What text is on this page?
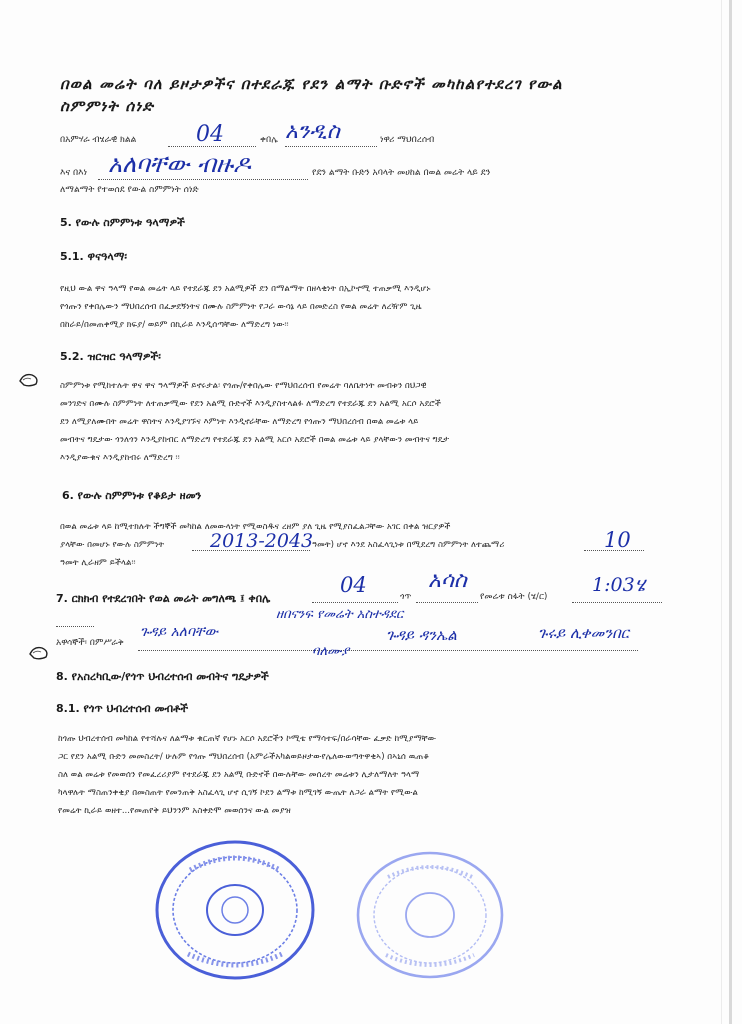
በወል መሬት ባለ ይዞታዎችና በተደራጁ የደን ልማት ቡድኖች መካከልየተደረገ የውል
ስምምነት ሰነድ
በአምሃራ ብሄራዊ ክልል	ቀበሌ	ነዋሪ ማህበረሰብ
04	አንዲስ
እና በእነ	የደን ልማት ቡድን አባላት መሀከል በወል መሬት ላይ ደን
አለባቸው ብዙዶ
ለማልማት የተወሰደ የውል ስምምነት ሰነድ
5. የውሉ ስምምነቱ ዓላማዎች
5.1. ዋናዓላማ፡
የዚህ ውል ዋና ዓላማ የወል መሬት ላይ የተደራጁ ደን አልሚዎች ደን በማልማት በዘላቂነት በኢኮኖሚ ተጠቃሚ እንዲሆኑ
የጎጡን የቀበሌውን ማህበረሰብ በፈቃደኝነትና በሙሉ ስምምነት የጋራ ውሳኔ ላይ በመድረስ የወል መሬት ለረዥም ጊዜ
በከራይ/በመጠቀሚያ ክፍያ/ ወይም በኪራይ እንዲሰጣቸው ለማድረግ ነው፡፡
5.2. ዝርዝር ዓላማዎች፡
ስምምነቱ የሚከተሉት ዋና ዋና ዓላማዎች ይኖሩታል፡ የጎጡ/የቀበሌው የማህበረሰብ የመሬት ባለቤትነት መብቱን በህጋዊ
መንገድና በሙሉ ስምምነት ለተጠቃሚው የደን አልሚ ቡድኖች እንዲያስተላልፉ ለማድረግ የተደራጁ ደን አልሚ አርሶ አደሮች
ደን ለሚያለሙበት መሬት ዋስትና እንዲያገኙና እምነት እንዲኖራቸው ለማድረግ የጎጡን ማህበረሰብ በወል መሬቱ ላይ
መብትና ግዴታው ጎንለጎን እንዲያከብር ለማድረግ የተደራጁ ደን አልሚ አርሶ አደሮች በወል መሬቱ ላይ ያላቸውን መብትና ግዴታ
እንዲያውቁና እንዲያከብሩ ለማድረግ ፡፡
6. የውሉ ስምምነቱ የቆይታ ዘመን
በወል መሬቱ ላይ ከሚተክሉት ችግኞች መካከል ለመውላነት የሚወስዱና ረዘም ያለ ጊዜ የሚያስፈልጋቸው አገር በቀል ዝርያዎች
ያላቸው በመሆኑ የውሉ ስምምነት	ዓመት) ሆኖ እንደ አስፈላጊነቱ በሚደረግ ስምምነት ለተጨማሪ
ዓመት ሊራዘም ይችላል፡፡
2013-2043	10
7. ርክክብ የተደረገበት የወል መሬት መግለጫ ፤ ቀበሌ	ጎጥ	የመሬቱ ስፋት (ሄ/ር)
04	አሳስ	1:03ሄ
አዋሳኞች፡ በምሥራቅ
ጉዳይ አለባቸው
ዘበናንፍ የመሬት አስተዳደር
ባለሙያ
ጉዳይ ዳንኤል	ጉሩይ ሊቀመንበር
8. የአስረካቢው/የጎጥ ህብረተሰብ መብትና ግዴታዎች
8.1. የጎጥ ህብረተሰብ መብቶች
ከጎጡ ህብረተሰብ መካከል የተሻሉና ለልማቱ ቁርጠኛ የሆኑ አርሶ አደሮችን ኮሚቴ የማሳተፍ/በራሳቸው ፈቃድ ከሚያማቸው
ጋር የደን አልሚ ቡድን መመስረት/ ሁሉም የጎጡ ማህበረሰብ (አምራችአካልወይዞታውየሌለውወጣትዋቂኣ) በኣኒሰ ዉጠቆ
ስለ ወል መሬቱ የመወሰን የመፈረሪያም የተደራጁ ደን አልሚ ቡድኖች በውሉቸው መሰረት መሬቱን ሊታለማለት ዓላማ
ካላዋሉት ማስጠንቀቂያ በመስጠት የመንጠቅ አስፈላጊ ሆኖ ሲገኝ ኮደን ልማቱ ከሚገኝ ውጤት ለጋራ ልማት የሚውል
የመሬት ኪራይ ወዘተ...የመጠየቅ ይህንንም አስቀድሞ መወሰንና ውል መያዝ
